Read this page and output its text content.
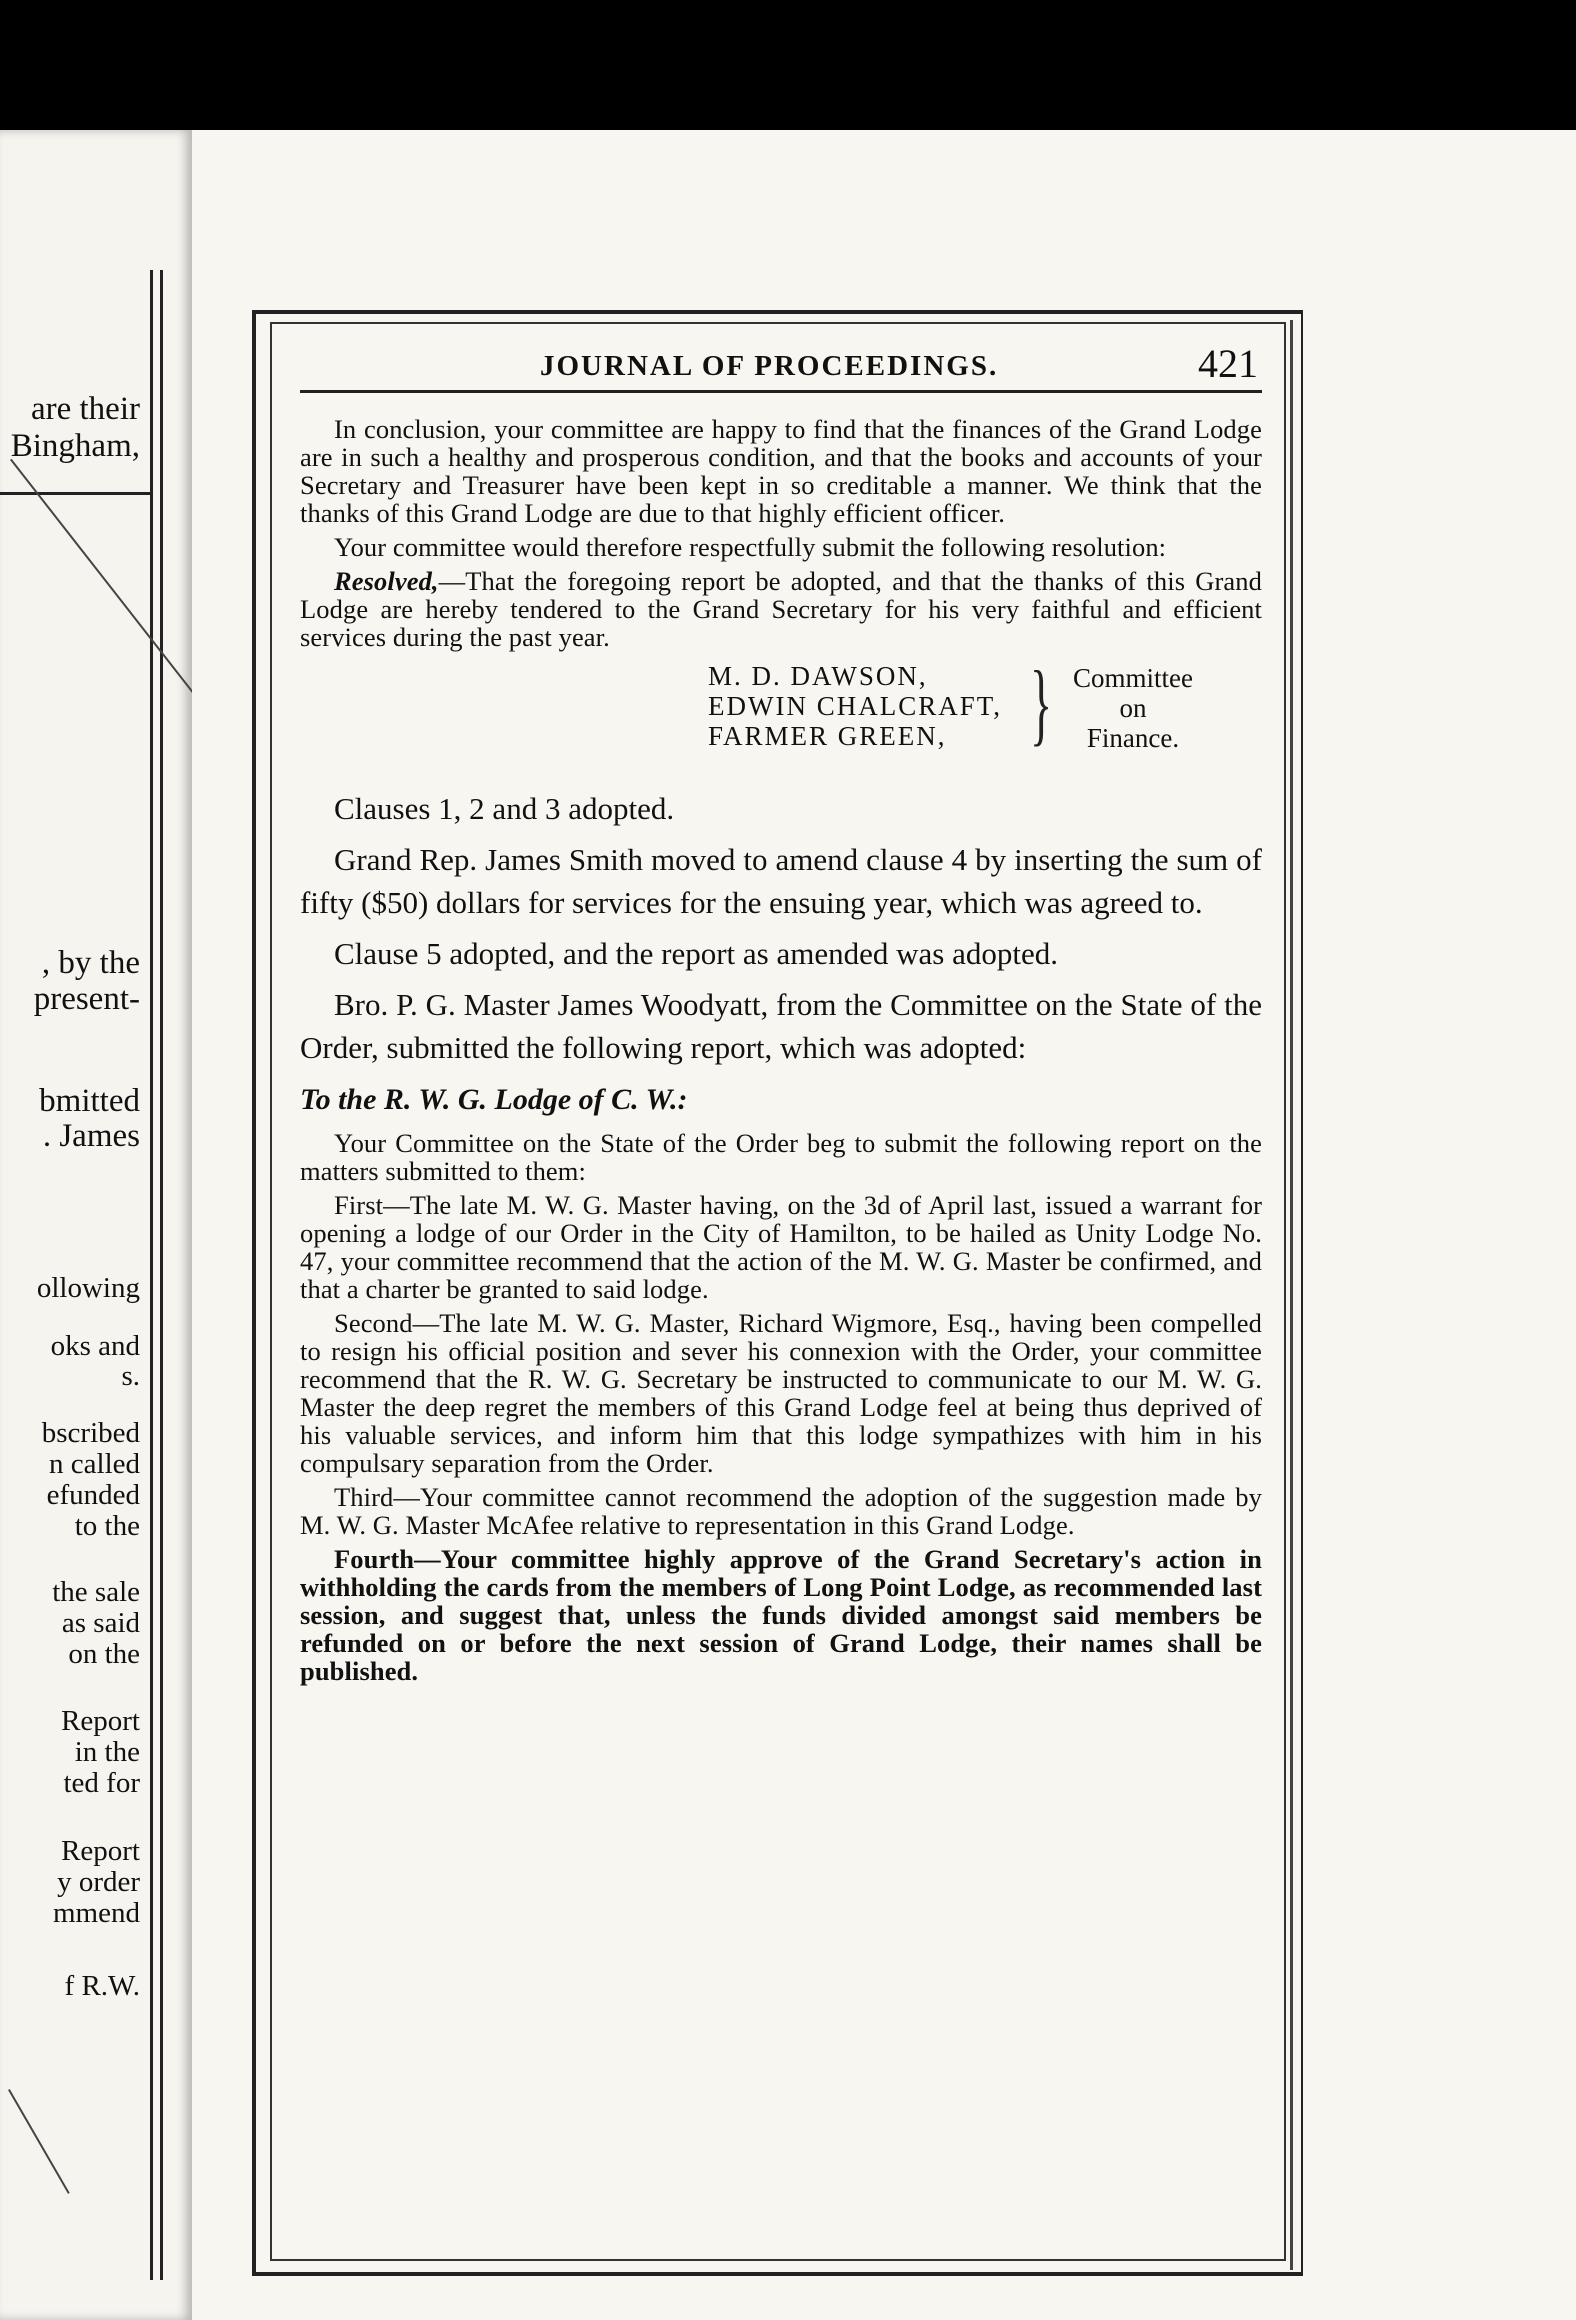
are their
Bingham,
, by the
present-
bmitted
. James
ollowing
oks and
s.
bscribed
n called
efunded
to the
the sale
as said
on the
Report
in the
ted for
Report
y order
mmend
f R.W.
JOURNAL OF PROCEEDINGS.	421

In conclusion, your committee are happy to find that the finances of the Grand Lodge are in such a healthy and prosperous condition, and that the books and accounts of your Secretary and Treasurer have been kept in so creditable a manner. We think that the thanks of this Grand Lodge are due to that highly efficient officer.

Your committee would therefore respectfully submit the following resolution:

Resolved,—That the foregoing report be adopted, and that the thanks of this Grand Lodge are hereby tendered to the Grand Secretary for his very faithful and efficient services during the past year.

M. D. DAWSON,
EDWIN CHALCRAFT,
FARMER GREEN, } Committee
on
Finance.

Clauses 1, 2 and 3 adopted.

Grand Rep. James Smith moved to amend clause 4 by inserting the sum of fifty ($50) dollars for services for the ensuing year, which was agreed to.

Clause 5 adopted, and the report as amended was adopted.

Bro. P. G. Master James Woodyatt, from the Committee on the State of the Order, submitted the following report, which was adopted:

To the R. W. G. Lodge of C. W.:

Your Committee on the State of the Order beg to submit the following report on the matters submitted to them:

First—The late M. W. G. Master having, on the 3d of April last, issued a warrant for opening a lodge of our Order in the City of Hamilton, to be hailed as Unity Lodge No. 47, your committee recommend that the action of the M. W. G. Master be confirmed, and that a charter be granted to said lodge.

Second—The late M. W. G. Master, Richard Wigmore, Esq., having been compelled to resign his official position and sever his connexion with the Order, your committee recommend that the R. W. G. Secretary be instructed to communicate to our M. W. G. Master the deep regret the members of this Grand Lodge feel at being thus deprived of his valuable services, and inform him that this lodge sympathizes with him in his compulsary separation from the Order.

Third—Your committee cannot recommend the adoption of the suggestion made by M. W. G. Master McAfee relative to representation in this Grand Lodge.

Fourth—Your committee highly approve of the Grand Secretary's action in withholding the cards from the members of Long Point Lodge, as recommended last session, and suggest that, unless the funds divided amongst said members be refunded on or before the next session of Grand Lodge, their names shall be published.
